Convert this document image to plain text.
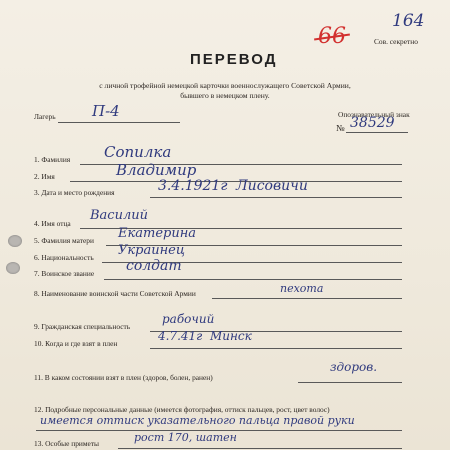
164
66	Сов. секретно
ПЕРЕВОД
с личной трофейной немецкой карточки военнослужащего Советской Армии,
бывшего в немецком плену.
Лагерь П-4	Опознавательный знак
№ 38529
1. Фамилия Сопилка
2. Имя	Владимир
3. Дата и место рождения	3.4.1921г Лисовичи
4. Имя отца
Василий
5. Фамилия матери Екатерина
6. Национальность Украинец
7. Воинское звание солдат
8. Наименование воинской части Советской Армии	пехота
9. Гражданская специальность
рабочий
10. Когда и где взят в плен
4.7.41г Минск
11. В каком состоянии взят в плен (здоров, болен, ранен)
здоров.
12. Подробные персональные данные (имеется фотография, оттиск пальцев, рост, цвет волос)
имеется оттиск указательного пальца правой руки
13. Особые приметы	рост 170, шатен
